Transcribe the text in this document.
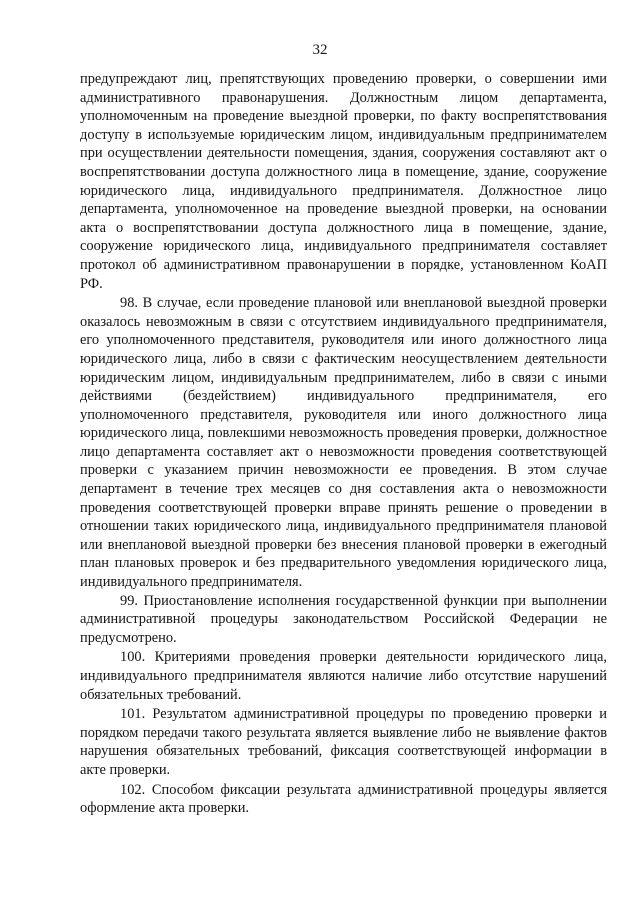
32

предупреждают лиц, препятствующих проведению проверки, о совершении ими административного правонарушения. Должностным лицом департамента, уполномоченным на проведение выездной проверки, по факту воспрепятствования доступу в используемые юридическим лицом, индивидуальным предпринимателем при осуществлении деятельности помещения, здания, сооружения составляют акт о воспрепятствовании доступа должностного лица в помещение, здание, сооружение юридического лица, индивидуального предпринимателя. Должностное лицо департамента, уполномоченное на проведение выездной проверки, на основании акта о воспрепятствовании доступа должностного лица в помещение, здание, сооружение юридического лица, индивидуального предпринимателя составляет протокол об административном правонарушении в порядке, установленном КоАП РФ.

98. В случае, если проведение плановой или внеплановой выездной проверки оказалось невозможным в связи с отсутствием индивидуального предпринимателя, его уполномоченного представителя, руководителя или иного должностного лица юридического лица, либо в связи с фактическим неосуществлением деятельности юридическим лицом, индивидуальным предпринимателем, либо в связи с иными действиями (бездействием) индивидуального предпринимателя, его уполномоченного представителя, руководителя или иного должностного лица юридического лица, повлекшими невозможность проведения проверки, должностное лицо департамента составляет акт о невозможности проведения соответствующей проверки с указанием причин невозможности ее проведения. В этом случае департамент в течение трех месяцев со дня составления акта о невозможности проведения соответствующей проверки вправе принять решение о проведении в отношении таких юридического лица, индивидуального предпринимателя плановой или внеплановой выездной проверки без внесения плановой проверки в ежегодный план плановых проверок и без предварительного уведомления юридического лица, индивидуального предпринимателя.

99. Приостановление исполнения государственной функции при выполнении административной процедуры законодательством Российской Федерации не предусмотрено.

100. Критериями проведения проверки деятельности юридического лица, индивидуального предпринимателя являются наличие либо отсутствие нарушений обязательных требований.

101. Результатом административной процедуры по проведению проверки и порядком передачи такого результата является выявление либо не выявление фактов нарушения обязательных требований, фиксация соответствующей информации в акте проверки.

102. Способом фиксации результата административной процедуры является оформление акта проверки.
